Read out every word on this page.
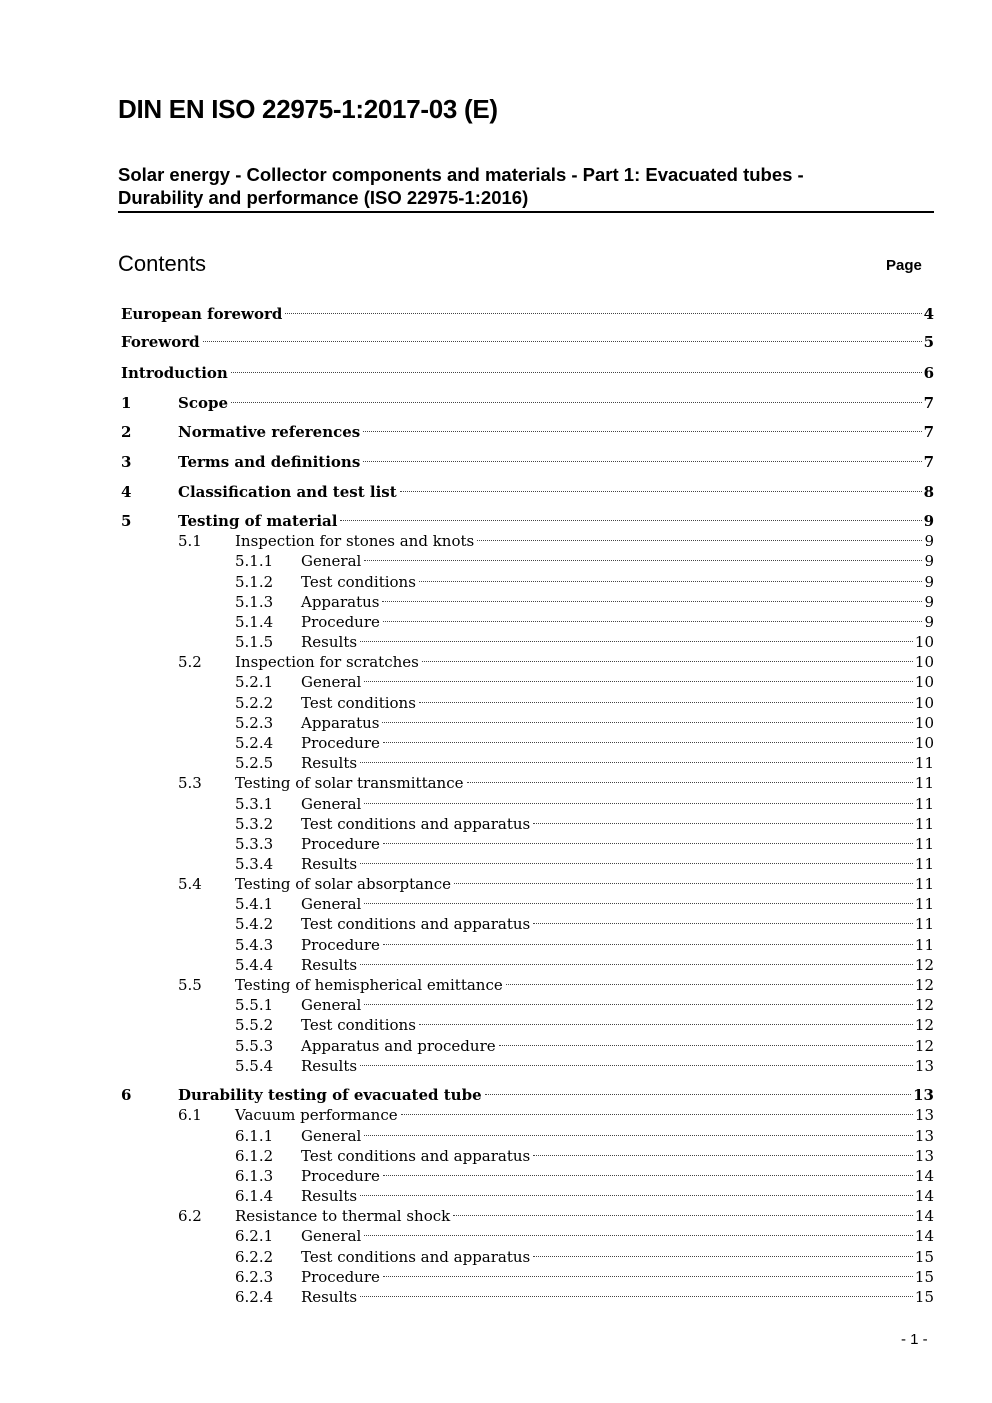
DIN EN ISO 22975-1:2017-03 (E)
Solar energy - Collector components and materials - Part 1: Evacuated tubes -
Durability and performance (ISO 22975-1:2016)
Contents	Page
European foreword	4
Foreword	5
Introduction	6
1	Scope	7
2	Normative references	7
3	Terms and definitions	7
4	Classification and test list	8
5	Testing of material	9
5.1 Inspection for stones and knots	9
5.1.1 General	9
5.1.2 Test conditions	9
5.1.3 Apparatus	9
5.1.4 Procedure	9
5.1.5 Results	10
5.2 Inspection for scratches	10
5.2.1 General	10
5.2.2 Test conditions	10
5.2.3 Apparatus	10
5.2.4 Procedure	10
5.2.5 Results	11
5.3 Testing of solar transmittance	11
5.3.1 General	11
5.3.2 Test conditions and apparatus	11
5.3.3 Procedure	11
5.3.4 Results	11
5.4 Testing of solar absorptance	11
5.4.1 General	11
5.4.2 Test conditions and apparatus	11
5.4.3 Procedure	11
5.4.4 Results	12
5.5 Testing of hemispherical emittance	12
5.5.1 General	12
5.5.2 Test conditions	12
5.5.3 Apparatus and procedure	12
5.5.4 Results	13
6	Durability testing of evacuated tube	13
6.1 Vacuum performance	13
6.1.1 General	13
6.1.2 Test conditions and apparatus	13
6.1.3 Procedure	14
6.1.4 Results	14
6.2 Resistance to thermal shock	14
6.2.1 General	14
6.2.2 Test conditions and apparatus	15
6.2.3 Procedure	15
6.2.4 Results	15
- 1 -
